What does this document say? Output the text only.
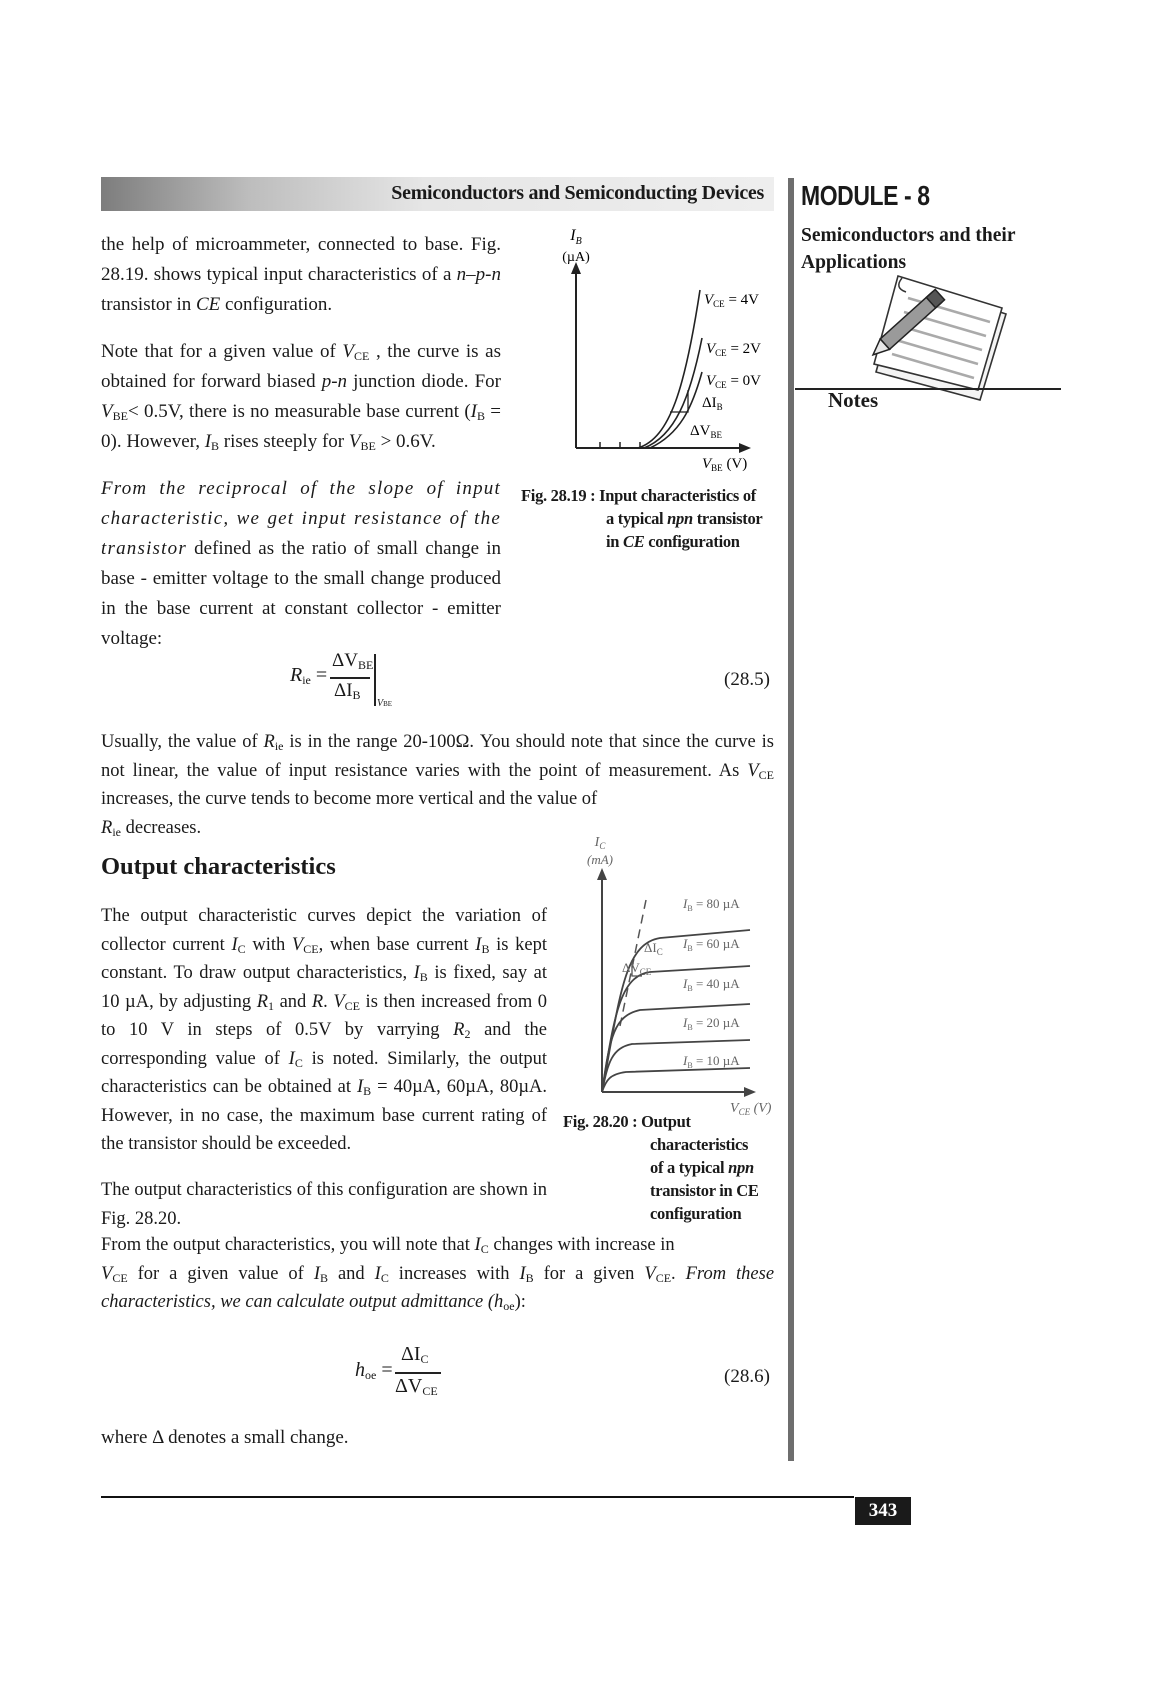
Semiconductors and Semiconducting Devices MODULE - 8
Semiconductors and their Applications
Notes

the help of microammeter, connected to base. Fig. 28.19. shows typical input characteristics of a n–p-n transistor in CE configuration.

Note that for a given value of $V_{CE}$ , the curve is as obtained for forward biased p-n junction diode. For $V_{BE}< 0.5V$, there is no measurable base current $(I_B = 0)$. However, $I_B$ rises steeply for $V_{BE} > 0.6V$.

From the reciprocal of the slope of input characteristic, we get input resistance of the transistor defined as the ratio of small change in base - emitter voltage to the small change produced in the base current at constant collector - emitter voltage:

$I_B$
(µA)
$V_{CE} = 4V$
$V_{CE} = 2V$
$V_{CE} = 0V$
$\Delta I_B$
$\Delta V_{BE}$
$V_{BE}$ (V)
Fig. 28.19 : Input characteristics of
a typical npn transistor
in CE configuration
$R_{ie}$ =
$\Delta V_{BE}$
$\Delta I_B$
VBE
(28.5)

Usually, the value of $R_{ie}$ is in the range 20-100Ω. You should note that since the curve is not linear, the value of input resistance varies with the point of measurement. As $V_{CE}$ increases, the curve tends to become more vertical and the value of
$R_{ie}$ decreases.

Output characteristics

The output characteristic curves depict the variation of collector current $I_C$ with $V_{CE}$, when base current $I_B$ is kept constant. To draw output characteristics, $I_B$ is fixed, say at 10 µA, by adjusting $R_1$ and R. $V_{CE}$ is then increased from 0 to 10 V in steps of 0.5V by varrying $R_2$ and the corresponding value of $I_C$ is noted. Similarly, the output characteristics can be obtained at $I_B = 40\mu A$, 60µA, 80µA. However, in no case, the maximum base current rating of the transistor should be exceeded.

The output characteristics of this configuration are shown in Fig. 28.20.

$I_C$
(mA)
$I_B = 80$ µA
$I_B = 60$ µA
$I_B = 40$ µA
$I_B = 20$ µA
$I_B = 10$ µA
$\Delta I_C$
$\Delta V_{CE}$
$V_{CE}$ (V)
Fig. 28.20 : Output
characteristics
of a typical npn
transistor in CE
configuration

From the output characteristics, you will note that $I_C$ changes with increase in
$V_{CE}$ for a given value of $I_B$ and $I_C$ increases with $I_B$ for a given $V_{CE}$. From these characteristics, we can calculate output admittance $(h_{oe})$:

$h_{oe}$ =
$\Delta I_C$
$\Delta V_{CE}$
(28.6)

where Δ denotes a small change.

343
